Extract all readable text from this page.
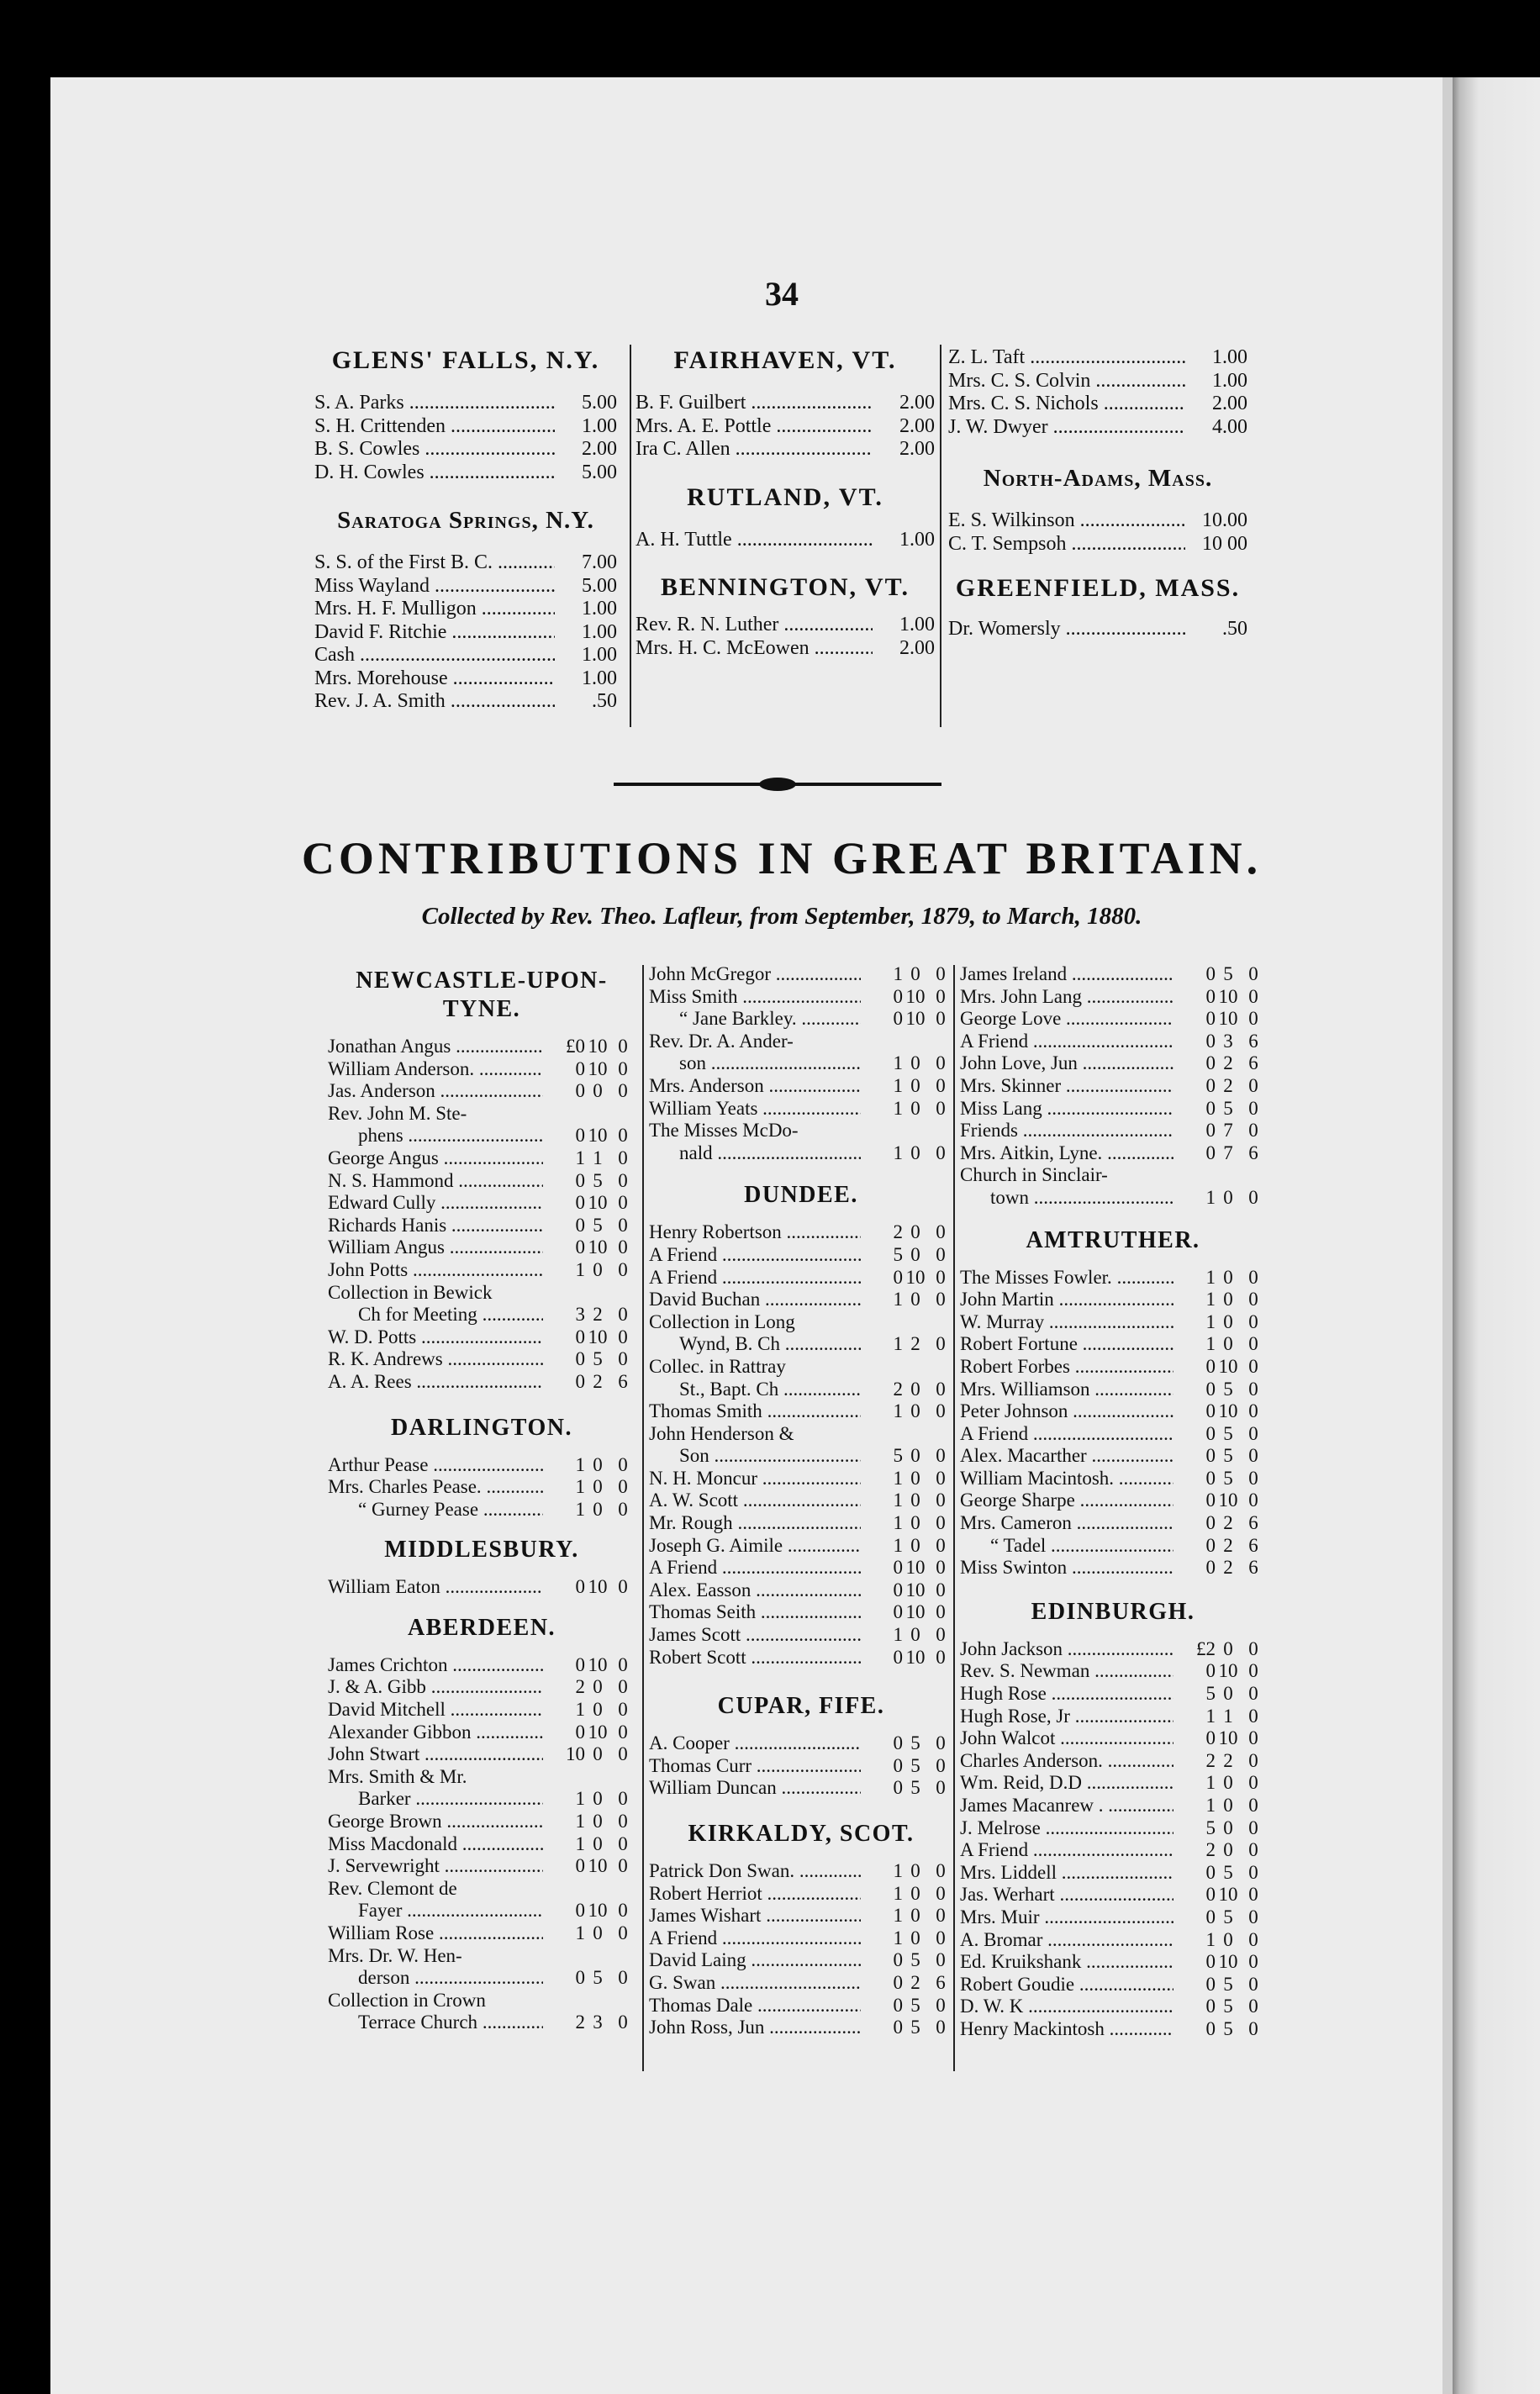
34
GLENS' FALLS, N.Y.
S. A. Parks .....	5.00
S. H. Crittenden .....	1.00
B. S. Cowles .....	2.00
D. H. Cowles .....	5.00
Saratoga Springs, N.Y.
S. S. of the First B. C. .....	7.00
Miss Wayland .....	5.00
Mrs. H. F. Mulligon .....	1.00
David F. Ritchie .....	1.00
Cash .....	1.00
Mrs. Morehouse .....	1.00
Rev. J. A. Smith .....	.50
FAIRHAVEN, VT.
B. F. Guilbert .....	2.00
Mrs. A. E. Pottle .....	2.00
Ira C. Allen .....	2.00
RUTLAND, VT.
A. H. Tuttle .....	1.00
BENNINGTON, VT.
Rev. R. N. Luther .....	1.00
Mrs. H. C. McEowen .....	2.00
Z. L. Taft .....	1.00
Mrs. C. S. Colvin .....	1.00
Mrs. C. S. Nichols .....	2.00
J. W. Dwyer .....	4.00
North-Adams, Mass.
E. S. Wilkinson .....	10.00
C. T. Sempsoh .....	10 00
GREENFIELD, MASS.
Dr. Womersly .....	.50
CONTRIBUTIONS IN GREAT BRITAIN.
Collected by Rev. Theo. Lafleur, from September, 1879, to March, 1880.
NEWCASTLE-UPON-TYNE.
Jonathan Angus .....	£0 10 0
William Anderson. .....	0 10 0
Jas. Anderson .....	0 0 0
Rev. John M. Ste-
phens .....	0 10 0
George Angus .....	1 1 0
N. S. Hammond .....	0 5 0
Edward Cully .....	0 10 0
Richards Hanis .....	0 5 0
William Angus .....	0 10 0
John Potts .....	1 0 0
Collection in Bewick
Ch for Meeting .....	3 2 0
W. D. Potts .....	0 10 0
R. K. Andrews .....	0 5 0
A. A. Rees .....	0 2 6
DARLINGTON.
Arthur Pease .....	1 0 0
Mrs. Charles Pease. .....	1 0 0
“ Gurney Pease .....	1 0 0
MIDDLESBURY.
William Eaton .....	0 10 0
ABERDEEN.
James Crichton .....	0 10 0
J. & A. Gibb .....	2 0 0
David Mitchell .....	1 0 0
Alexander Gibbon .....	0 10 0
John Stwart .....	10 0 0
Mrs. Smith & Mr.
Barker .....	1 0 0
George Brown .....	1 0 0
Miss Macdonald .....	1 0 0
J. Servewright .....	0 10 0
Rev. Clemont de
Fayer .....	0 10 0
William Rose .....	1 0 0
Mrs. Dr. W. Hen-
derson .....	0 5 0
Collection in Crown
Terrace Church .....	2 3 0
John McGregor .....	1 0 0
Miss Smith .....	0 10 0
“ Jane Barkley. .....	0 10 0
Rev. Dr. A. Ander-
son .....	1 0 0
Mrs. Anderson .....	1 0 0
William Yeats .....	1 0 0
The Misses McDo-
nald .....	1 0 0
DUNDEE.
Henry Robertson .....	2 0 0
A Friend .....	5 0 0
A Friend .....	0 10 0
David Buchan .....	1 0 0
Collection in Long
Wynd, B. Ch .....	1 2 0
Collec. in Rattray
St., Bapt. Ch .....	2 0 0
Thomas Smith .....	1 0 0
John Henderson &
Son .....	5 0 0
N. H. Moncur .....	1 0 0
A. W. Scott .....	1 0 0
Mr. Rough .....	1 0 0
Joseph G. Aimile .....	1 0 0
A Friend .....	0 10 0
Alex. Easson .....	0 10 0
Thomas Seith .....	0 10 0
James Scott .....	1 0 0
Robert Scott .....	0 10 0
CUPAR, FIFE.
A. Cooper .....	0 5 0
Thomas Curr .....	0 5 0
William Duncan .....	0 5 0
KIRKALDY, SCOT.
Patrick Don Swan. .....	1 0 0
Robert Herriot .....	1 0 0
James Wishart .....	1 0 0
A Friend .....	1 0 0
David Laing .....	0 5 0
G. Swan .....	0 2 6
Thomas Dale .....	0 5 0
John Ross, Jun .....	0 5 0
James Ireland .....	0 5 0
Mrs. John Lang .....	0 10 0
George Love .....	0 10 0
A Friend .....	0 3 6
John Love, Jun .....	0 2 6
Mrs. Skinner .....	0 2 0
Miss Lang .....	0 5 0
Friends .....	0 7 0
Mrs. Aitkin, Lyne. .....	0 7 6
Church in Sinclair-
town .....	1 0 0
AMTRUTHER.
The Misses Fowler. .....	1 0 0
John Martin .....	1 0 0
W. Murray .....	1 0 0
Robert Fortune .....	1 0 0
Robert Forbes .....	0 10 0
Mrs. Williamson .....	0 5 0
Peter Johnson .....	0 10 0
A Friend .....	0 5 0
Alex. Macarther .....	0 5 0
William Macintosh. .....	0 5 0
George Sharpe .....	0 10 0
Mrs. Cameron .....	0 2 6
“ Tadel .....	0 2 6
Miss Swinton .....	0 2 6
EDINBURGH.
John Jackson .....	£2 0 0
Rev. S. Newman .....	0 10 0
Hugh Rose .....	5 0 0
Hugh Rose, Jr .....	1 1 0
John Walcot .....	0 10 0
Charles Anderson. .....	2 2 0
Wm. Reid, D.D .....	1 0 0
James Macanrew . .....	1 0 0
J. Melrose .....	5 0 0
A Friend .....	2 0 0
Mrs. Liddell .....	0 5 0
Jas. Werhart .....	0 10 0
Mrs. Muir .....	0 5 0
A. Bromar .....	1 0 0
Ed. Kruikshank .....	0 10 0
Robert Goudie .....	0 5 0
D. W. K .....	0 5 0
Henry Mackintosh .....	0 5 0
